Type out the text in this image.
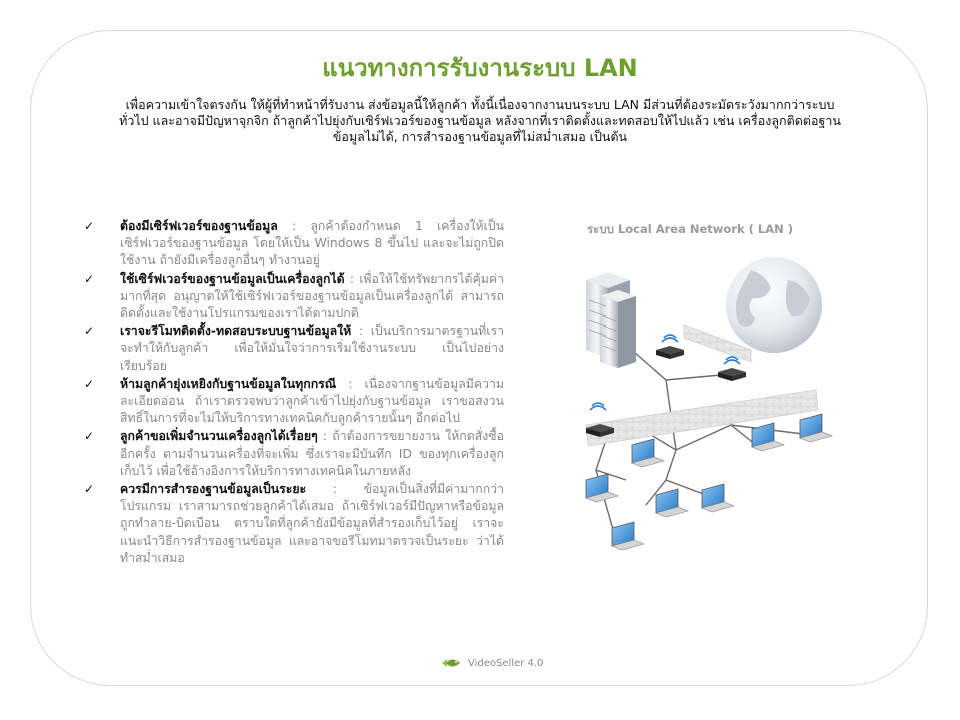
แนวทางการรับงานระบบ LAN
เพื่อความเข้าใจตรงกัน ให้ผู้ที่ทำหน้าที่รับงาน ส่งข้อมูลนี้ให้ลูกค้า ทั้งนี้เนื่องจากงานบนระบบ LAN มีส่วนที่ต้องระมัดระวังมากกว่าระบบทั่วไป และอาจมีปัญหาจุกจิก ถ้าลูกค้าไปยุ่งกับเซิร์ฟเวอร์ของฐานข้อมูล หลังจากที่เราติดตั้งและทดสอบให้ไปแล้ว เช่น เครื่องลูกติดต่อฐานข้อมูลไม่ได้, การสำรองฐานข้อมูลที่ไม่สม่ำเสมอ เป็นต้น
✓ ต้องมีเซิร์ฟเวอร์ของฐานข้อมูล : ลูกค้าต้องกำหนด 1 เครื่องให้เป็นเซิร์ฟเวอร์ของฐานข้อมูล โดยให้เป็น Windows 8 ขึ้นไป และจะไม่ถูกปิดใช้งาน ถ้ายังมีเครื่องลูกอื่นๆ ทำงานอยู่
✓ ใช้เซิร์ฟเวอร์ของฐานข้อมูลเป็นเครื่องลูกได้ : เพื่อให้ใช้ทรัพยากรได้คุ้มค่ามากที่สุด อนุญาตให้ใช้เซิร์ฟเวอร์ของฐานข้อมูลเป็นเครื่องลูกได้ สามารถติดตั้งและใช้งานโปรแกรมของเราได้ตามปกติ
✓ เราจะรีโมทติดตั้ง-ทดสอบระบบฐานข้อมูลให้ : เป็นบริการมาตรฐานที่เราจะทำให้กับลูกค้า เพื่อให้มั่นใจว่าการเริ่มใช้งานระบบ เป็นไปอย่างเรียบร้อย
✓ ห้ามลูกค้ายุ่งเหยิงกับฐานข้อมูลในทุกกรณี : เนื่องจากฐานข้อมูลมีความละเอียดอ่อน ถ้าเราตรวจพบว่าลูกค้าเข้าไปยุ่งกับฐานข้อมูล เราขอสงวนสิทธิ์ในการที่จะไม่ให้บริการทางเทคนิคกับลูกค้ารายนั้นๆ อีกต่อไป
✓ ลูกค้าขอเพิ่มจำนวนเครื่องลูกได้เรื่อยๆ : ถ้าต้องการขยายงาน ให้กดสั่งซื้ออีกครั้ง ตามจำนวนเครื่องที่จะเพิ่ม ซึ่งเราจะมีบันทึก ID ของทุกเครื่องลูกเก็บไว้ เพื่อใช้อ้างอิงการให้บริการทางเทคนิคในภายหลัง
✓ ควรมีการสำรองฐานข้อมูลเป็นระยะ : ข้อมูลเป็นสิ่งที่มีค่ามากกว่าโปรแกรม เราสามารถช่วยลูกค้าได้เสมอ ถ้าเซิร์ฟเวอร์มีปัญหาหรือข้อมูลถูกทำลาย-บิดเบือน ตราบใดที่ลูกค้ายังมีข้อมูลที่สำรองเก็บไว้อยู่ เราจะแนะนำวิธีการสำรองฐานข้อมูล และอาจขอรีโมทมาตรวจเป็นระยะ ว่าได้ทำสม่ำเสมอ
ระบบ Local Area Network ( LAN )
VideoSeller 4.0
